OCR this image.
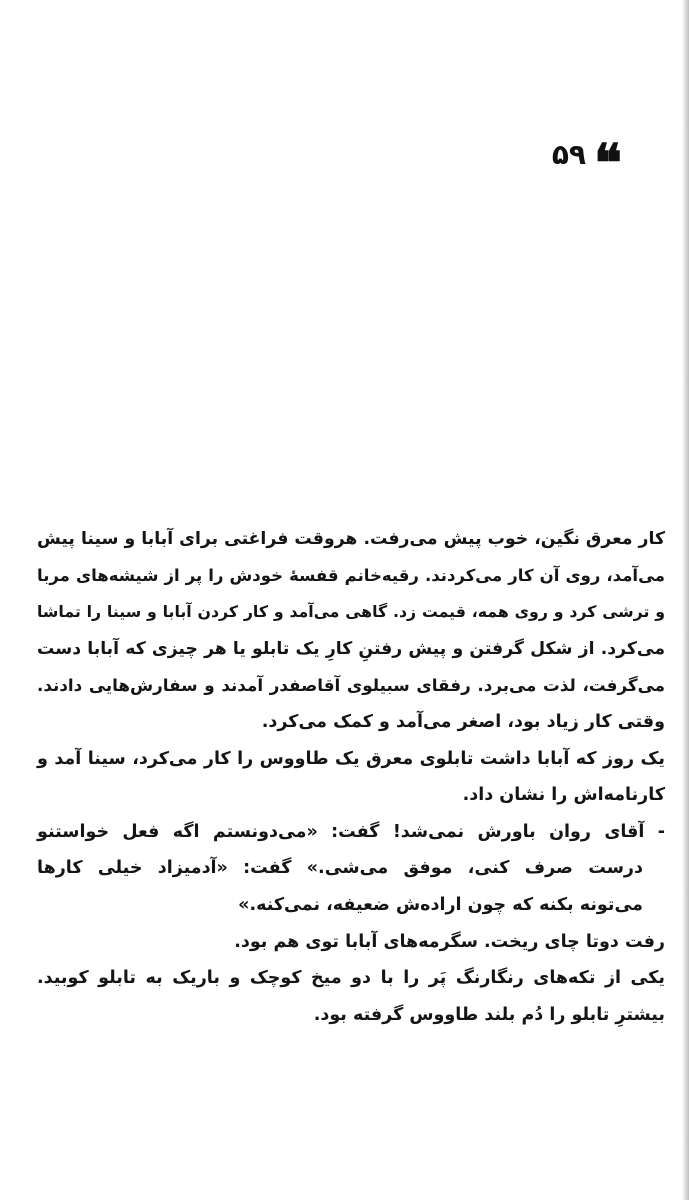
❝
۵۹
کار معرق نگین، خوب پیش می‌رفت. هروقت فراغتی برای آبابا و سینا پیش
می‌آمد، روی آن کار می‌کردند. رقیه‌خانم قفسهٔ خودش را پر از شیشه‌های مربا
و ترشی کرد و روی همه، قیمت زد. گاهی می‌آمد و کار کردن آبابا و سینا را تماشا
می‌کرد. از شکل گرفتن و پیش رفتنِ کارِ یک تابلو یا هر چیزی که آبابا دست
می‌گرفت، لذت می‌برد. رفقای سبیلوی آقاصفدر آمدند و سفارش‌هایی دادند.
وقتی کار زیاد بود، اصغر می‌آمد و کمک می‌کرد.
یک روز که آبابا داشت تابلوی معرق یک طاووس را کار می‌کرد، سینا آمد و
کارنامه‌اش را نشان داد.
- آقای روان باورش نمی‌شد! گفت: «می‌دونستم اگه فعل خواستنو
درست صرف کنی، موفق می‌شی.» گفت: «آدمیزاد خیلی کارها
می‌تونه بکنه که چون اراده‌ش ضعیفه، نمی‌کنه.»
رفت دوتا چای ریخت. سگرمه‌های آبابا توی هم بود.
یکی از تکه‌های رنگارنگ پَر را با دو میخ کوچک و باریک به تابلو کوبید.
بیشترِ تابلو را دُم بلند طاووس گرفته بود.
